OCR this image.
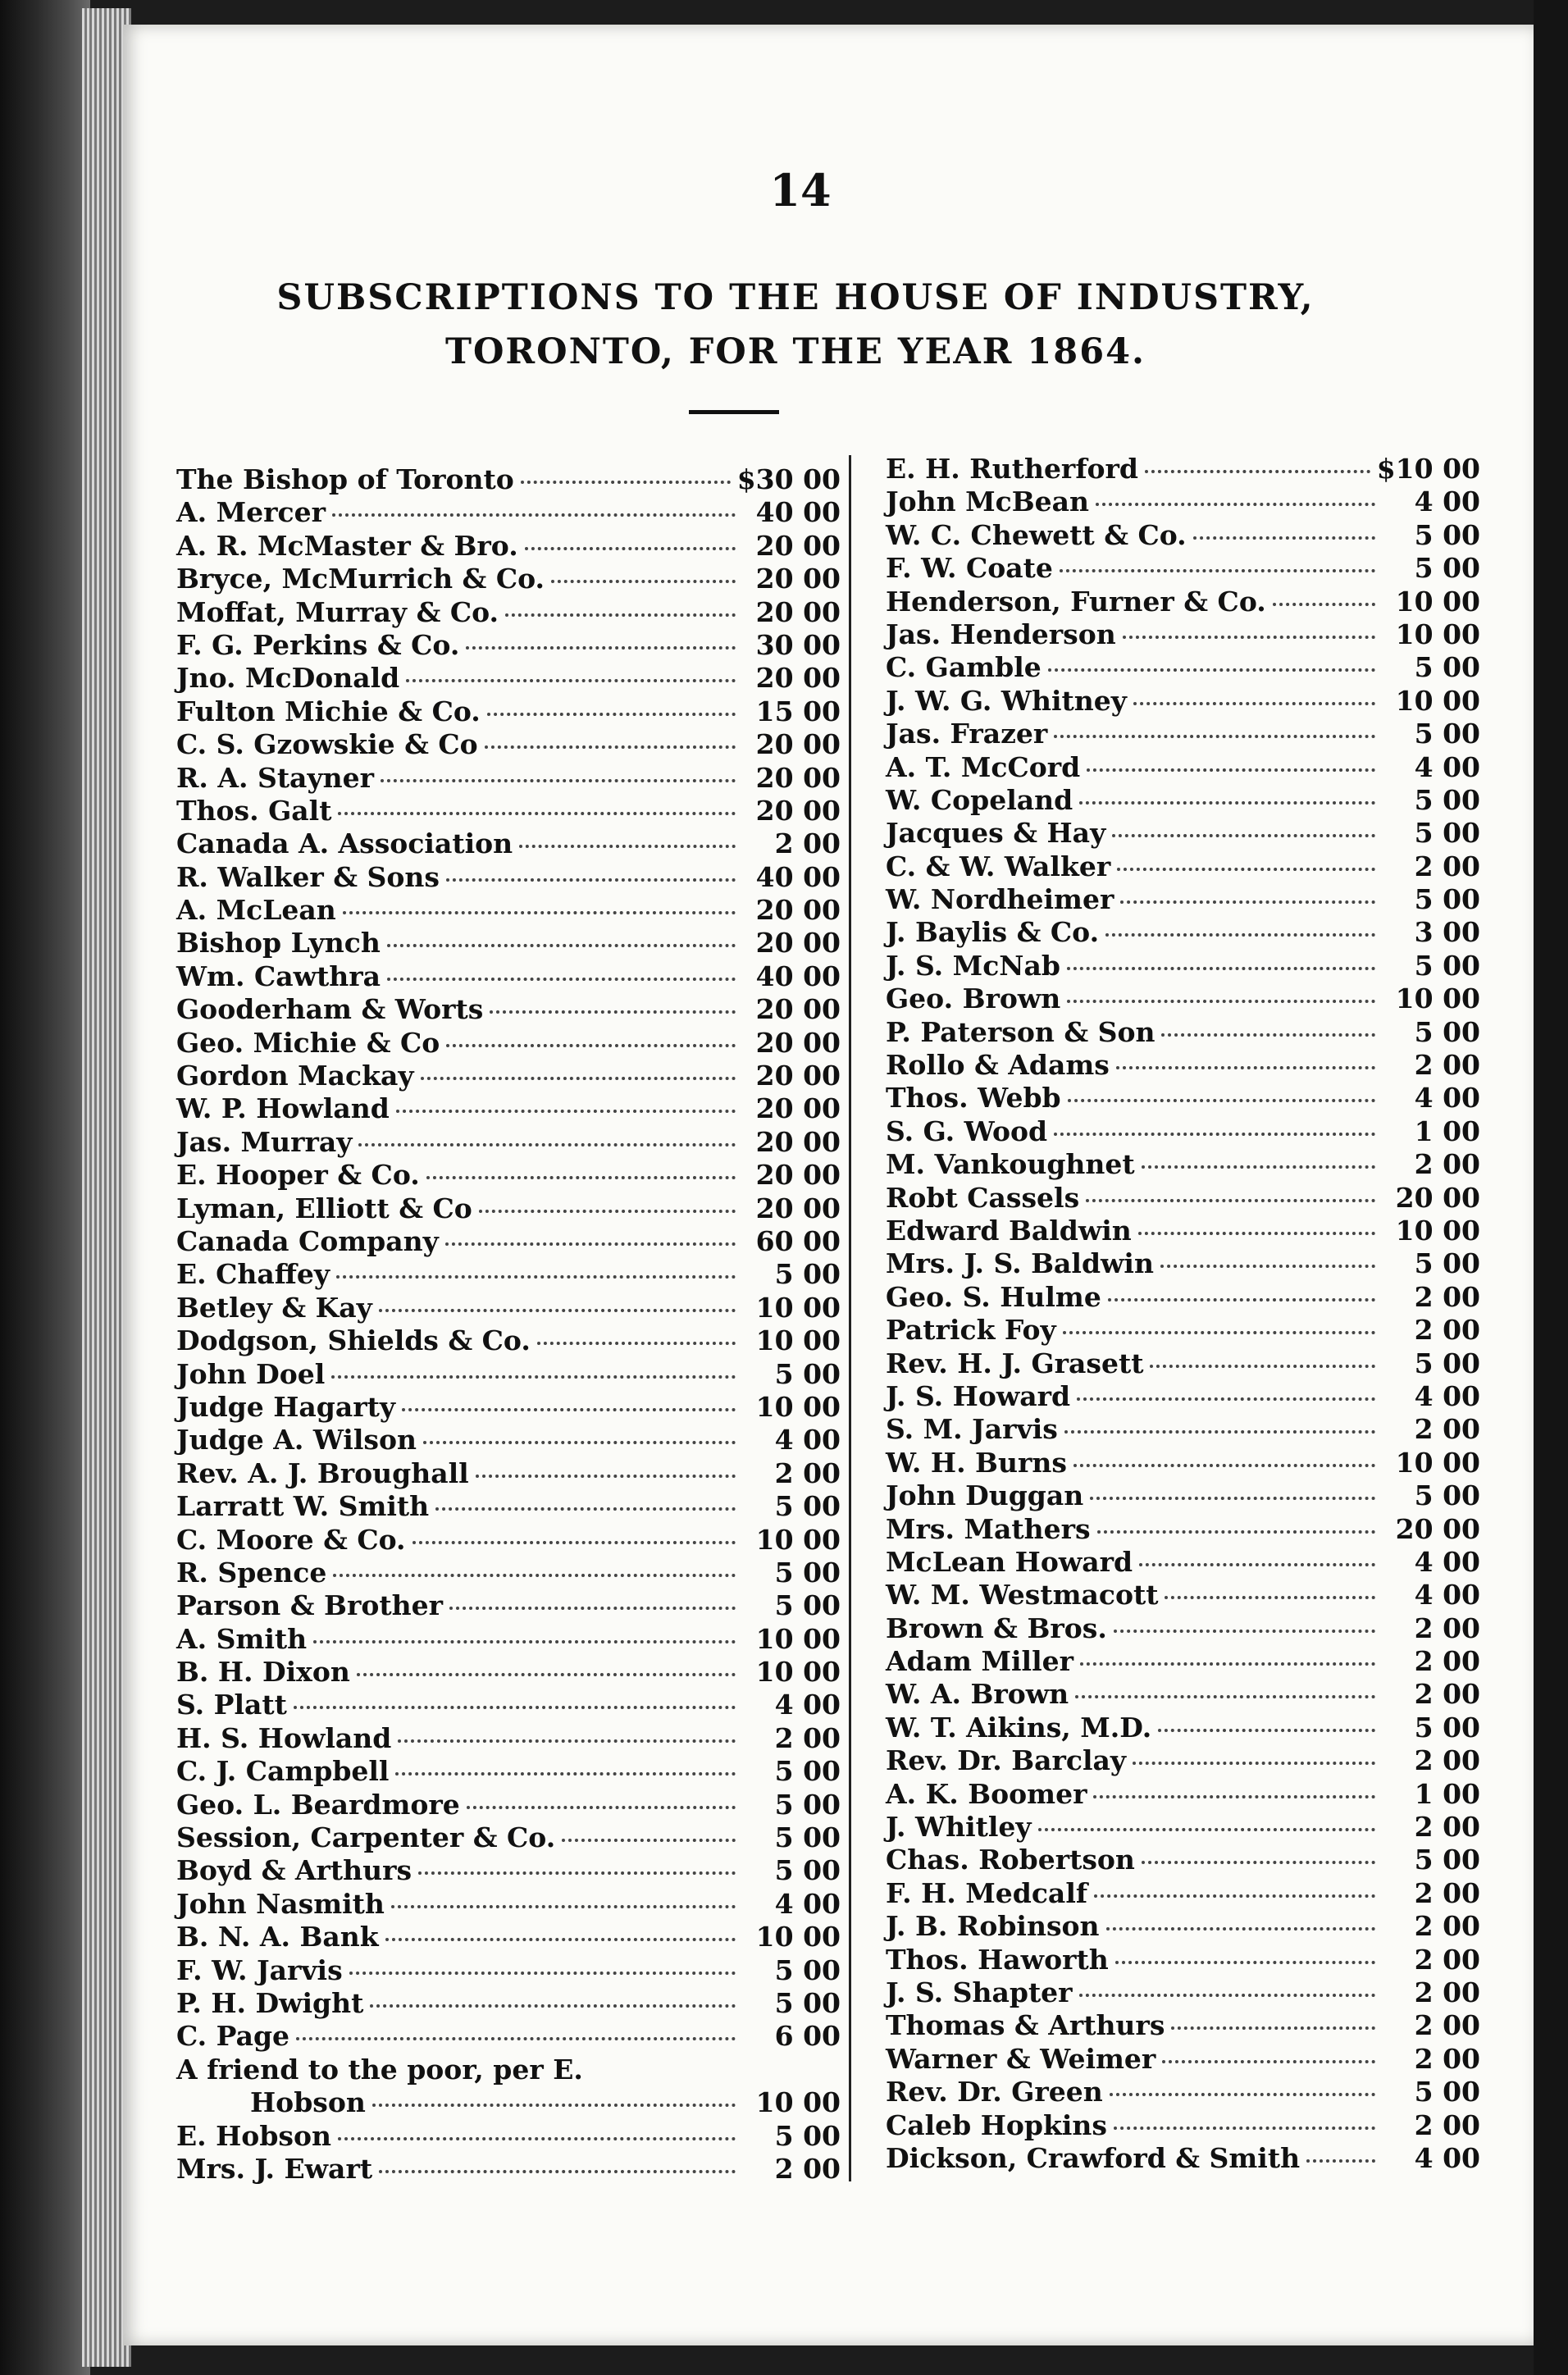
14
SUBSCRIPTIONS TO THE HOUSE OF INDUSTRY,
TORONTO, FOR THE YEAR 1864.
The Bishop of Toronto	$30 00
A. Mercer	40 00
A. R. McMaster & Bro.	20 00
Bryce, McMurrich & Co.	20 00
Moffat, Murray & Co.	20 00
F. G. Perkins & Co.	30 00
Jno. McDonald	20 00
Fulton Michie & Co.	15 00
C. S. Gzowskie & Co	20 00
R. A. Stayner	20 00
Thos. Galt	20 00
Canada A. Association	2 00
R. Walker & Sons	40 00
A. McLean	20 00
Bishop Lynch	20 00
Wm. Cawthra	40 00
Gooderham & Worts	20 00
Geo. Michie & Co	20 00
Gordon Mackay	20 00
W. P. Howland	20 00
Jas. Murray	20 00
E. Hooper & Co.	20 00
Lyman, Elliott & Co	20 00
Canada Company	60 00
E. Chaffey	5 00
Betley & Kay	10 00
Dodgson, Shields & Co.	10 00
John Doel	5 00
Judge Hagarty	10 00
Judge A. Wilson	4 00
Rev. A. J. Broughall	2 00
Larratt W. Smith	5 00
C. Moore & Co.	10 00
R. Spence	5 00
Parson & Brother	5 00
A. Smith	10 00
B. H. Dixon	10 00
S. Platt	4 00
H. S. Howland	2 00
C. J. Campbell	5 00
Geo. L. Beardmore	5 00
Session, Carpenter & Co.	5 00
Boyd & Arthurs	5 00
John Nasmith	4 00
B. N. A. Bank	10 00
F. W. Jarvis	5 00
P. H. Dwight	5 00
C. Page	6 00
A friend to the poor, per E.
Hobson	10 00
E. Hobson	5 00
Mrs. J. Ewart	2 00
E. H. Rutherford	$10 00
John McBean	4 00
W. C. Chewett & Co.	5 00
F. W. Coate	5 00
Henderson, Furner & Co.	10 00
Jas. Henderson	10 00
C. Gamble	5 00
J. W. G. Whitney	10 00
Jas. Frazer	5 00
A. T. McCord	4 00
W. Copeland	5 00
Jacques & Hay	5 00
C. & W. Walker	2 00
W. Nordheimer	5 00
J. Baylis & Co.	3 00
J. S. McNab	5 00
Geo. Brown	10 00
P. Paterson & Son	5 00
Rollo & Adams	2 00
Thos. Webb	4 00
S. G. Wood	1 00
M. Vankoughnet	2 00
Robt Cassels	20 00
Edward Baldwin	10 00
Mrs. J. S. Baldwin	5 00
Geo. S. Hulme	2 00
Patrick Foy	2 00
Rev. H. J. Grasett	5 00
J. S. Howard	4 00
S. M. Jarvis	2 00
W. H. Burns	10 00
John Duggan	5 00
Mrs. Mathers	20 00
McLean Howard	4 00
W. M. Westmacott	4 00
Brown & Bros.	2 00
Adam Miller	2 00
W. A. Brown	2 00
W. T. Aikins, M.D.	5 00
Rev. Dr. Barclay	2 00
A. K. Boomer	1 00
J. Whitley	2 00
Chas. Robertson	5 00
F. H. Medcalf	2 00
J. B. Robinson	2 00
Thos. Haworth	2 00
J. S. Shapter	2 00
Thomas & Arthurs	2 00
Warner & Weimer	2 00
Rev. Dr. Green	5 00
Caleb Hopkins	2 00
Dickson, Crawford & Smith	4 00
